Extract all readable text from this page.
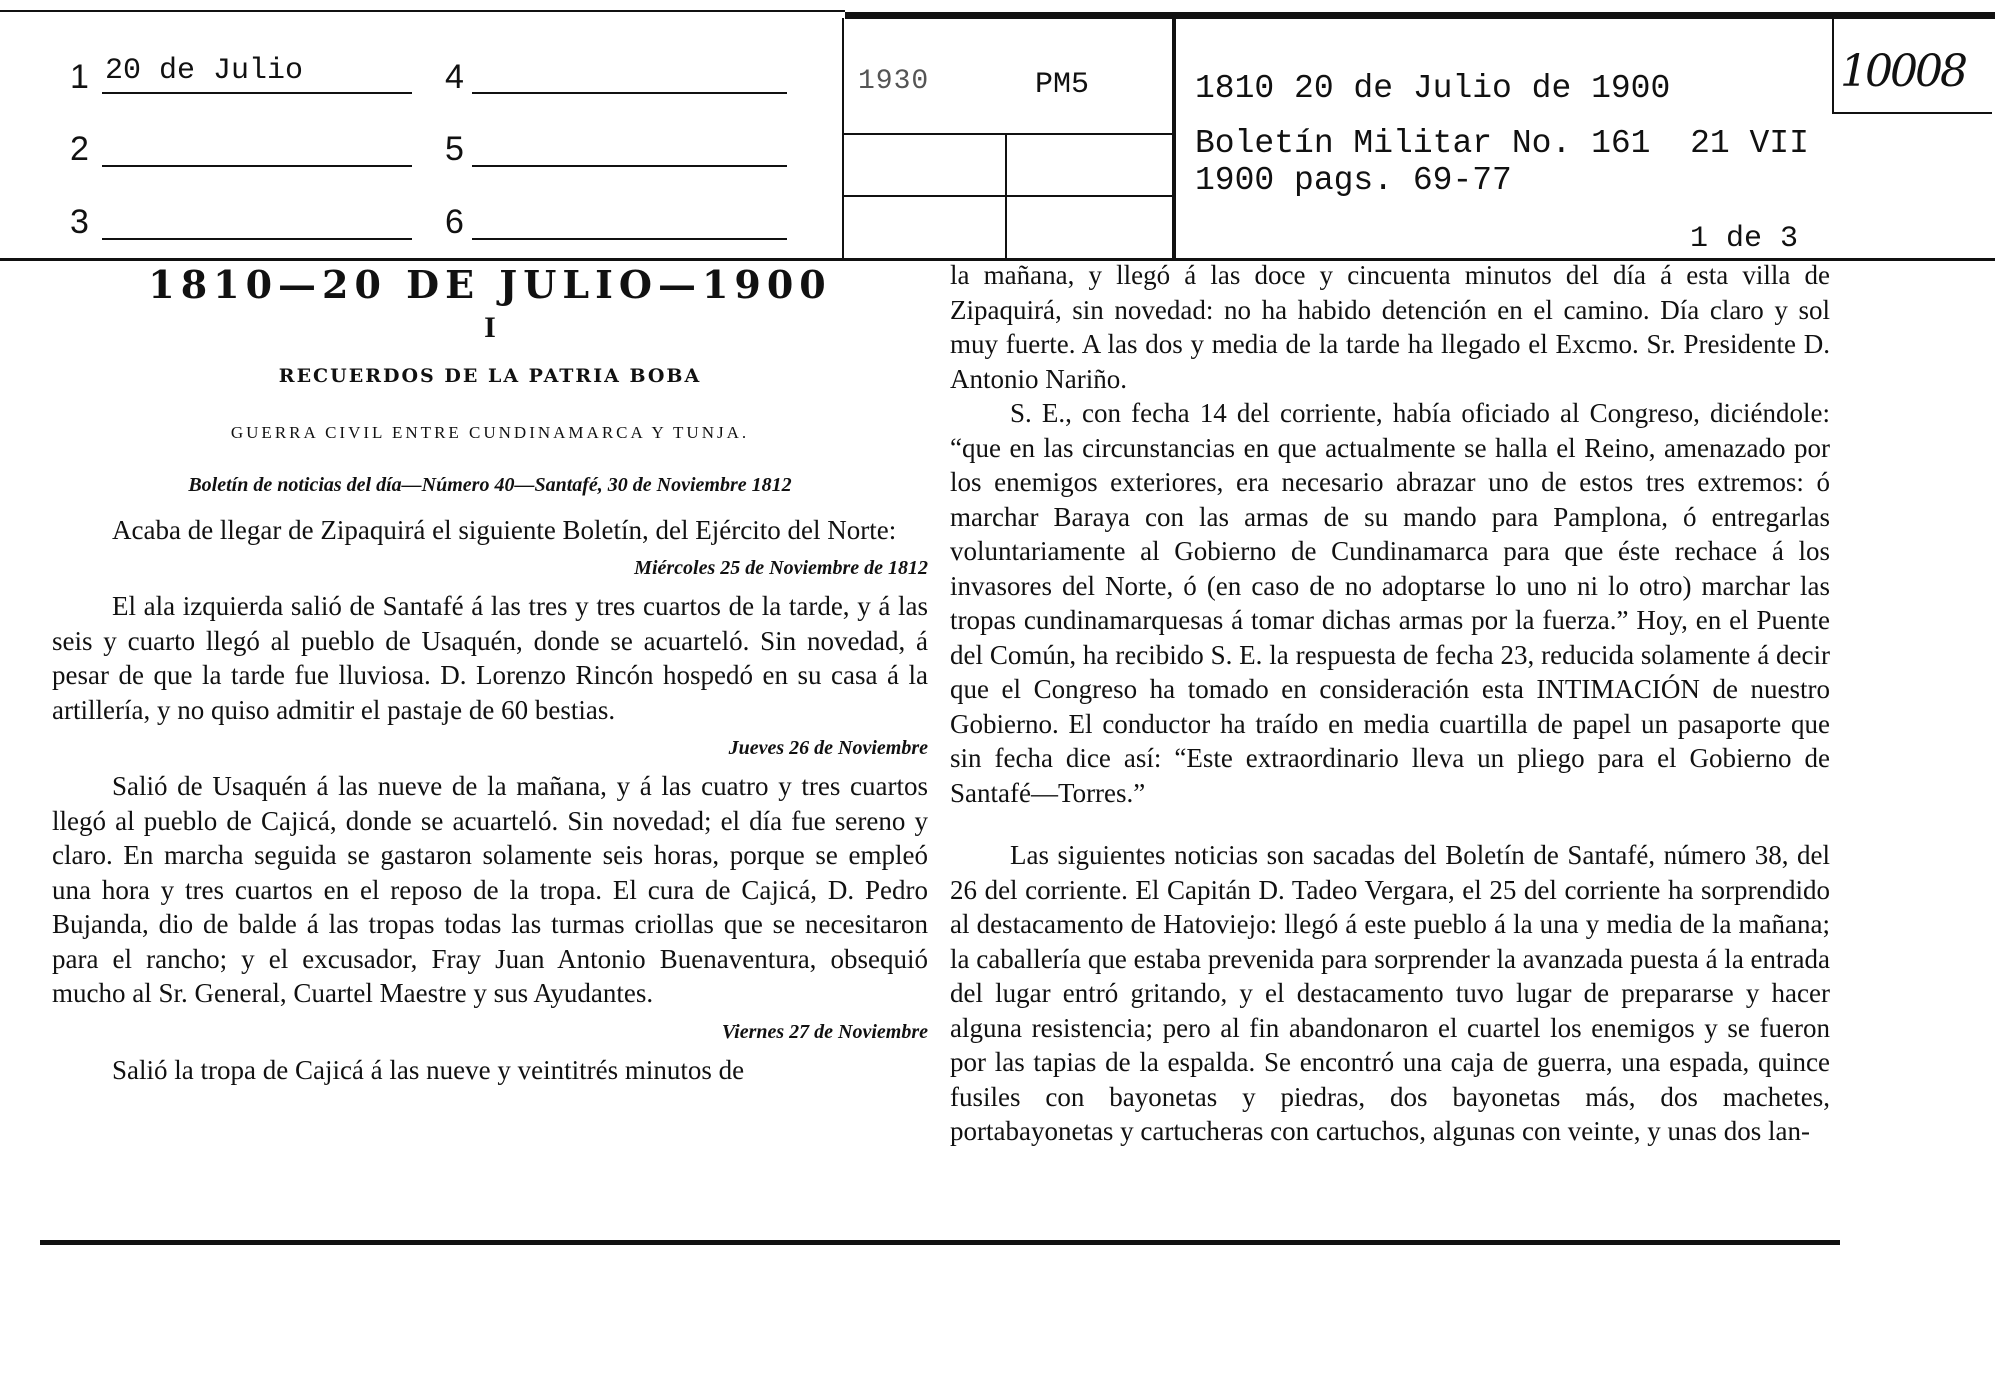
1 20 de Julio
2
3
4
5
6
1930	PM5	1810 20 de Julio de 1900
Boletín Militar No. 161  21 VII
1900 pags. 69-77
1 de 3
10008

1810—20 DE JULIO—1900

I

RECUERDOS DE LA PATRIA BOBA

GUERRA CIVIL ENTRE CUNDINAMARCA Y TUNJA.

Boletín de noticias del día—Número 40—Santafé, 30 de Noviembre 1812

Acaba de llegar de Zipaquirá el siguiente Boletín, del Ejército del Norte:

Miércoles 25 de Noviembre de 1812

El ala izquierda salió de Santafé á las tres y tres cuartos de la tarde, y á las seis y cuarto llegó al pueblo de Usaquén, donde se acuarteló. Sin novedad, á pesar de que la tarde fue lluviosa. D. Lorenzo Rincón hospedó en su casa á la artillería, y no quiso admitir el pastaje de 60 bestias.

Jueves 26 de Noviembre

Salió de Usaquén á las nueve de la mañana, y á las cuatro y tres cuartos llegó al pueblo de Cajicá, donde se acuarteló. Sin novedad; el día fue sereno y claro. En marcha seguida se gastaron solamente seis horas, porque se empleó una hora y tres cuartos en el reposo de la tropa. El cura de Cajicá, D. Pedro Bujanda, dio de balde á las tropas todas las turmas criollas que se necesitaron para el rancho; y el excusador, Fray Juan Antonio Buenaventura, obsequió mucho al Sr. General, Cuartel Maestre y sus Ayudantes.

Viernes 27 de Noviembre

Salió la tropa de Cajicá á las nueve y veintitrés minutos de

la mañana, y llegó á las doce y cincuenta minutos del día á esta villa de Zipaquirá, sin novedad: no ha habido detención en el camino. Día claro y sol muy fuerte. A las dos y media de la tarde ha llegado el Excmo. Sr. Presidente D. Antonio Nariño.

S. E., con fecha 14 del corriente, había oficiado al Congreso, diciéndole: “que en las circunstancias en que actualmente se halla el Reino, amenazado por los enemigos exteriores, era necesario abrazar uno de estos tres extremos: ó marchar Baraya con las armas de su mando para Pamplona, ó entregarlas voluntariamente al Gobierno de Cundinamarca para que éste rechace á los invasores del Norte, ó (en caso de no adoptarse lo uno ni lo otro) marchar las tropas cundinamarquesas á tomar dichas armas por la fuerza.” Hoy, en el Puente del Común, ha recibido S. E. la respuesta de fecha 23, reducida solamente á decir que el Congreso ha tomado en consideración esta INTIMACIÓN de nuestro Gobierno. El conductor ha traído en media cuartilla de papel un pasaporte que sin fecha dice así: “Este extraordinario lleva un pliego para el Gobierno de Santafé—Torres.”

Las siguientes noticias son sacadas del Boletín de Santafé, número 38, del 26 del corriente. El Capitán D. Tadeo Vergara, el 25 del corriente ha sorprendido al destacamento de Hatoviejo: llegó á este pueblo á la una y media de la mañana; la caballería que estaba prevenida para sorprender la avanzada puesta á la entrada del lugar entró gritando, y el destacamento tuvo lugar de prepararse y hacer alguna resistencia; pero al fin abandonaron el cuartel los enemigos y se fueron por las tapias de la espalda. Se encontró una caja de guerra, una espada, quince fusiles con bayonetas y piedras, dos bayonetas más, dos machetes, portabayonetas y cartucheras con cartuchos, algunas con veinte, y unas dos lan-
